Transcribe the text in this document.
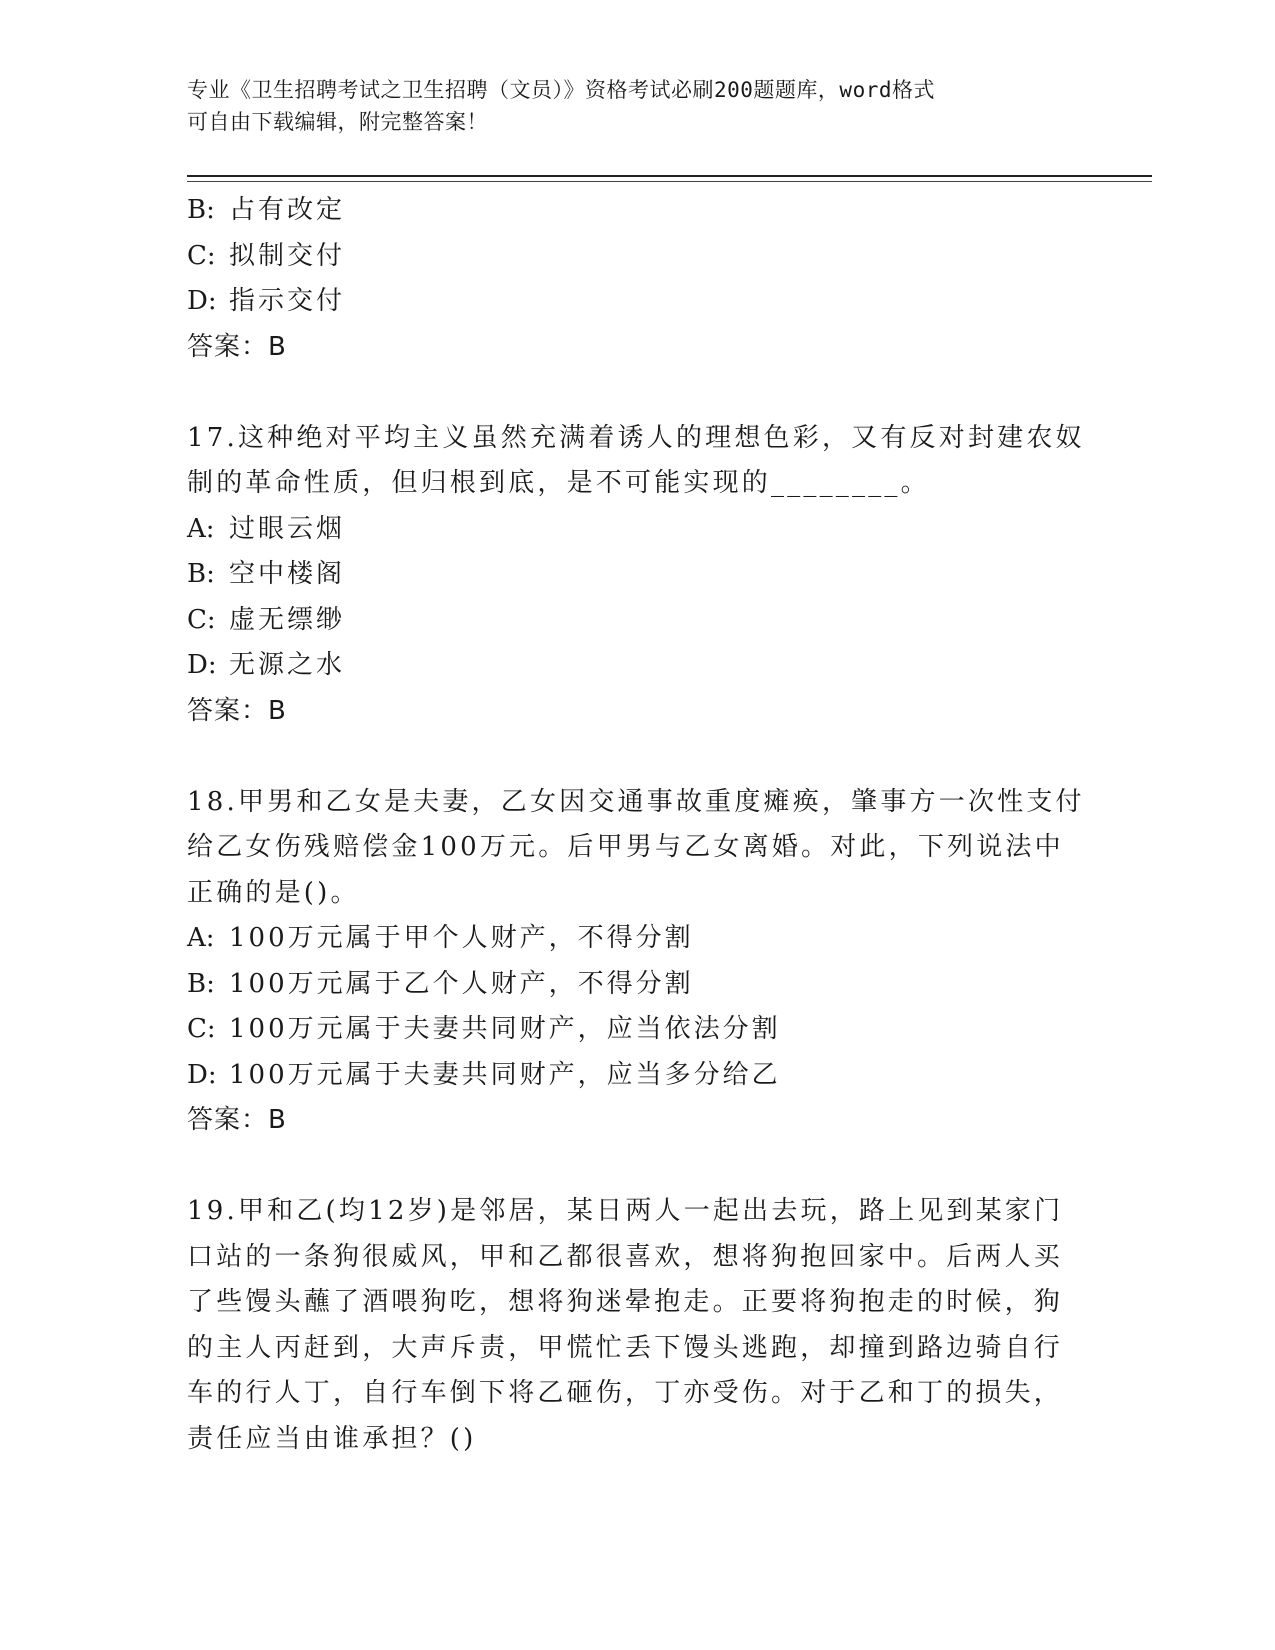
专业《卫生招聘考试之卫生招聘（文员）》资格考试必刷200题题库，word格式
可自由下载编辑，附完整答案！

B: 占有改定

C: 拟制交付

D: 指示交付

答案：B

17.这种绝对平均主义虽然充满着诱人的理想色彩，又有反对封建农奴

制的革命性质，但归根到底，是不可能实现的________。

A: 过眼云烟

B: 空中楼阁

C: 虚无缥缈

D: 无源之水

答案：B

18.甲男和乙女是夫妻，乙女因交通事故重度瘫痪，肇事方一次性支付

给乙女伤残赔偿金100万元。后甲男与乙女离婚。对此，下列说法中

正确的是()。

A: 100万元属于甲个人财产，不得分割

B: 100万元属于乙个人财产，不得分割

C: 100万元属于夫妻共同财产，应当依法分割

D: 100万元属于夫妻共同财产，应当多分给乙

答案：B

19.甲和乙(均12岁)是邻居，某日两人一起出去玩，路上见到某家门

口站的一条狗很威风，甲和乙都很喜欢，想将狗抱回家中。后两人买

了些馒头蘸了酒喂狗吃，想将狗迷晕抱走。正要将狗抱走的时候，狗

的主人丙赶到，大声斥责，甲慌忙丢下馒头逃跑，却撞到路边骑自行

车的行人丁，自行车倒下将乙砸伤，丁亦受伤。对于乙和丁的损失，

责任应当由谁承担？()
